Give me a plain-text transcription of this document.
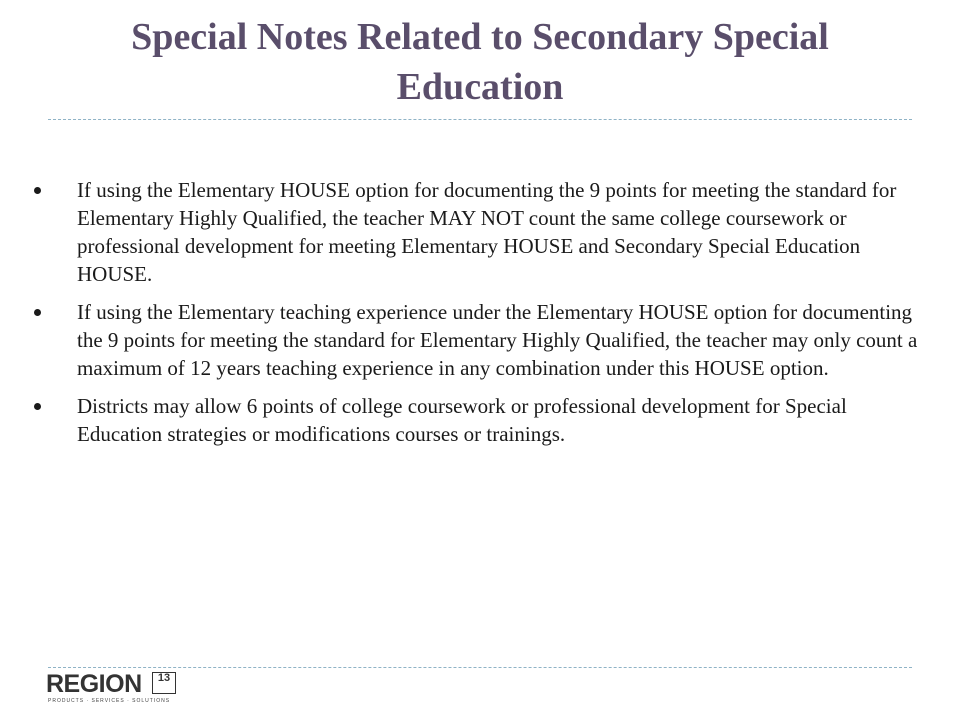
Special Notes Related to Secondary Special Education
If using the Elementary HOUSE option for documenting the 9 points for meeting the standard for Elementary Highly Qualified, the teacher MAY NOT count the same college coursework or professional development for meeting Elementary HOUSE and Secondary Special Education HOUSE.
If using the Elementary teaching experience under the Elementary HOUSE option for documenting the 9 points for meeting the standard for Elementary Highly Qualified, the teacher may only count a maximum of 12 years teaching experience in any combination under this HOUSE option.
Districts may allow 6 points of college coursework or professional development for Special Education strategies or modifications courses or trainings.
REGION	13
PRODUCTS · SERVICES · SOLUTIONS
